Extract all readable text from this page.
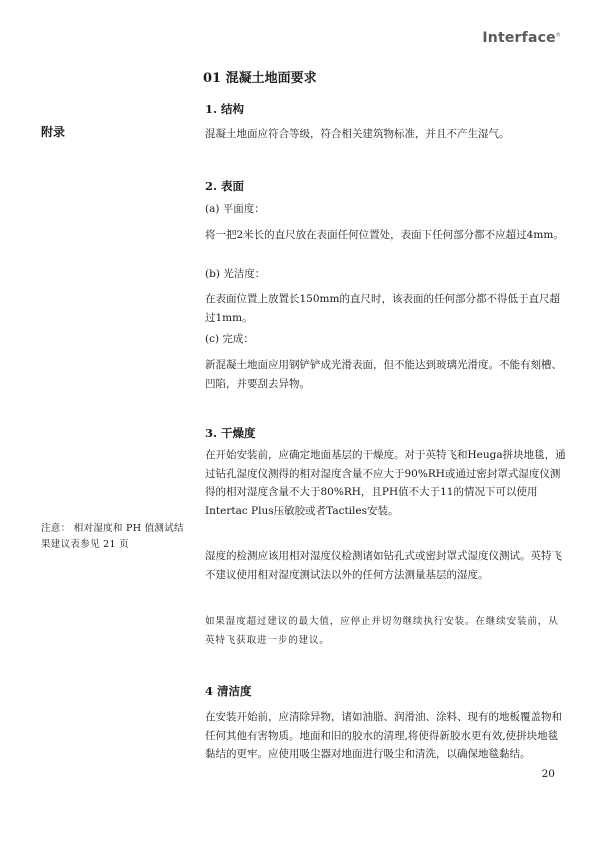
Interface®
01 混凝土地面要求
附录
注意： 相对湿度和 PH 值测试结果建议表参见 21 页
1. 结构
混凝土地面应符合等级，符合相关建筑物标准，并且不产生湿气。
2. 表面
(a) 平面度：
将一把2米长的直尺放在表面任何位置处，表面下任何部分都不应超过4mm。
(b) 光洁度：
在表面位置上放置长150mm的直尺时，该表面的任何部分都不得低于直尺超过1mm。
(c) 完成：
新混凝土地面应用钢铲铲成光滑表面，但不能达到玻璃光滑度。不能有刻槽、凹陷，并要刮去异物。
3. 干燥度
在开始安装前，应确定地面基层的干燥度。对于英特飞和Heuga拼块地毯，通过钻孔湿度仪测得的相对湿度含量不应大于90%RH或通过密封罩式湿度仪测得的相对湿度含量不大于80%RH，且PH值不大于11的情况下可以使用Intertac Plus压敏胶或者Tactiles安装。
湿度的检测应该用相对湿度仪检测诸如钻孔式或密封罩式湿度仪测试。英特飞不建议使用相对湿度测试法以外的任何方法测量基层的湿度。
如果湿度超过建议的最大值，应停止并切勿继续执行安装。在继续安装前，从英特飞获取进一步的建议。
4 清洁度
在安装开始前，应清除异物，诸如油脂、润滑油、涂料、现有的地板覆盖物和任何其他有害物质。地面和旧的胶水的清理,将使得新胶水更有效,使拼块地毯黏结的更牢。应使用吸尘器对地面进行吸尘和清洗，以确保地毯黏结。
20
